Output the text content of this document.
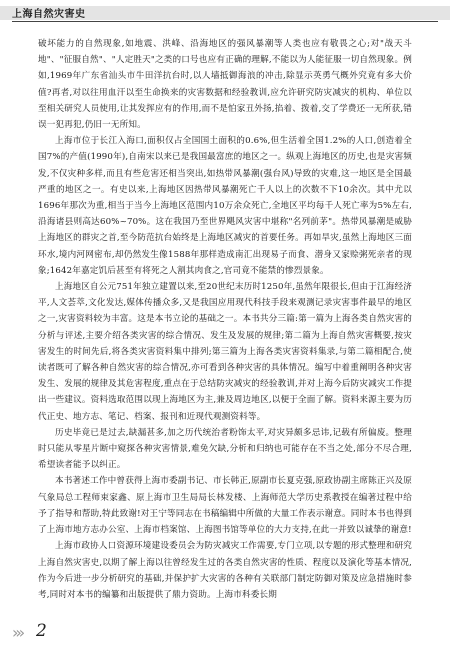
上海自然灾害史

破坏能力的自然现象,如地震、洪峰、沿海地区的强风暴潮等人类也应有敬畏之心;对"战天斗地"、"征服自然"、"人定胜天"之类的口号也应有正确的理解,不能以为人能征服一切自然现象。例如,1969年广东省汕头市牛田洋抗台时,以人墙抵御海浪的冲击,除显示英勇气概外究竟有多大价值?再者,对以往用血汗以至生命换来的灾害数据和经验教训,应允许研究防灾减灾的机构、单位以至相关研究人员使用,让其发挥应有的作用,而不是怕家丑外扬,掐着、拨着,交了学费还一无所获,错误一犯再犯,仍旧一无所知。

上海市位于长江入海口,面积仅占全国国土面积的0.6%,但生活着全国1.2%的人口,创造着全国7%的产值(1990年),自南宋以来已是我国最富庶的地区之一。纵观上海地区的历史,也是灾害频发,不仅灾种多样,而且有些危害还相当突出,如热带风暴潮(强台风)导致的灾难,这一地区是全国最严重的地区之一。有史以来,上海地区因热带风暴潮死亡千人以上的次数不下10余次。其中尤以1696年那次为重,相当于当今上海地区范围内10万余众死亡,全地区平均每千人死亡率为5%左右,沿海诸县则高达60%~70%。这在我国乃至世界飓风灾害中堪称"名列前茅"。热带风暴潮是威胁上海地区的群灾之首,至今防范抗台始终是上海地区减灾的首要任务。再如旱灾,虽然上海地区三面环水,境内河网密布,却仍然发生像1588年那样造成南汇出现易子而食、潜身又家赊粥死亲者的现象;1642年嘉定饥后甚至有将死之人割其肉食之,官司竟不能禁的惨烈景象。

上海地区自公元751年独立建置以来,至20世纪末历时1250年,虽然年限很长,但由于江海经济平,人文荟萃,文化发达,媒体传播众多,又是我国应用现代科技手段来观测记录灾害事件最早的地区之一,灾害资料较为丰富。这是本书立论的基础之一。本书共分三篇:第一篇为上海各类自然灾害的分析与评述,主要介绍各类灾害的综合情况、发生及发展的规律;第二篇为上海自然灾害概要,按灾害发生的时间先后,将各类灾害资料集中排列;第三篇为上海各类灾害资料集录,与第二篇相配合,使读者既可了解各种自然灾害的综合情况,亦可看到各种灾害的具体情况。编写中着重阐明各种灾害发生、发展的规律及其危害程度,重点在于总结防灾减灾的经验教训,并对上海今后防灾减灾工作提出一些建议。资料选取范围以现上海地区为主,兼及周边地区,以便于全面了解。资料来源主要为历代正史、地方志、笔记、档案、报刊和近现代观测资料等。

历史毕竟已是过去,缺漏甚多,加之历代统治者粉饰太平,对灾异颇多忌讳,记载有所偏废。整理时只能从零星片断中窥探各种灾害情景,难免欠缺,分析和归纳也可能存在不当之处,部分不尽合理,希望读者能予以纠正。

本书著述工作中曾获得上海市委副书记、市长韩正,原副市长夏克强,原政协副主席陈正兴及原气象局总工程师束家鑫、原上海市卫生局局长林发楼、上海师范大学历史系教授在编著过程中给予了指导和帮助,特此致谢!对王宁等同志在书稿编辑中所做的大量工作表示谢意。同时本书也得到了上海市地方志办公室、上海市档案馆、上海图书馆等单位的大力支持,在此一并致以诚挚的谢意!

上海市政协人口资源环境建设委员会为防灾减灾工作需要,专门立项,以专题的形式整理和研究上海自然灾害史,以期了解上海以往曾经发生过的各类自然灾害的性质、程度以及演化等基本情况,作为今后进一步分析研究的基础,并保护扩大灾害的各种有关联部门制定防御对策及应急措施时参考,同时对本书的编纂和出版提供了鼎力资助。上海市科委长期

››› 2
